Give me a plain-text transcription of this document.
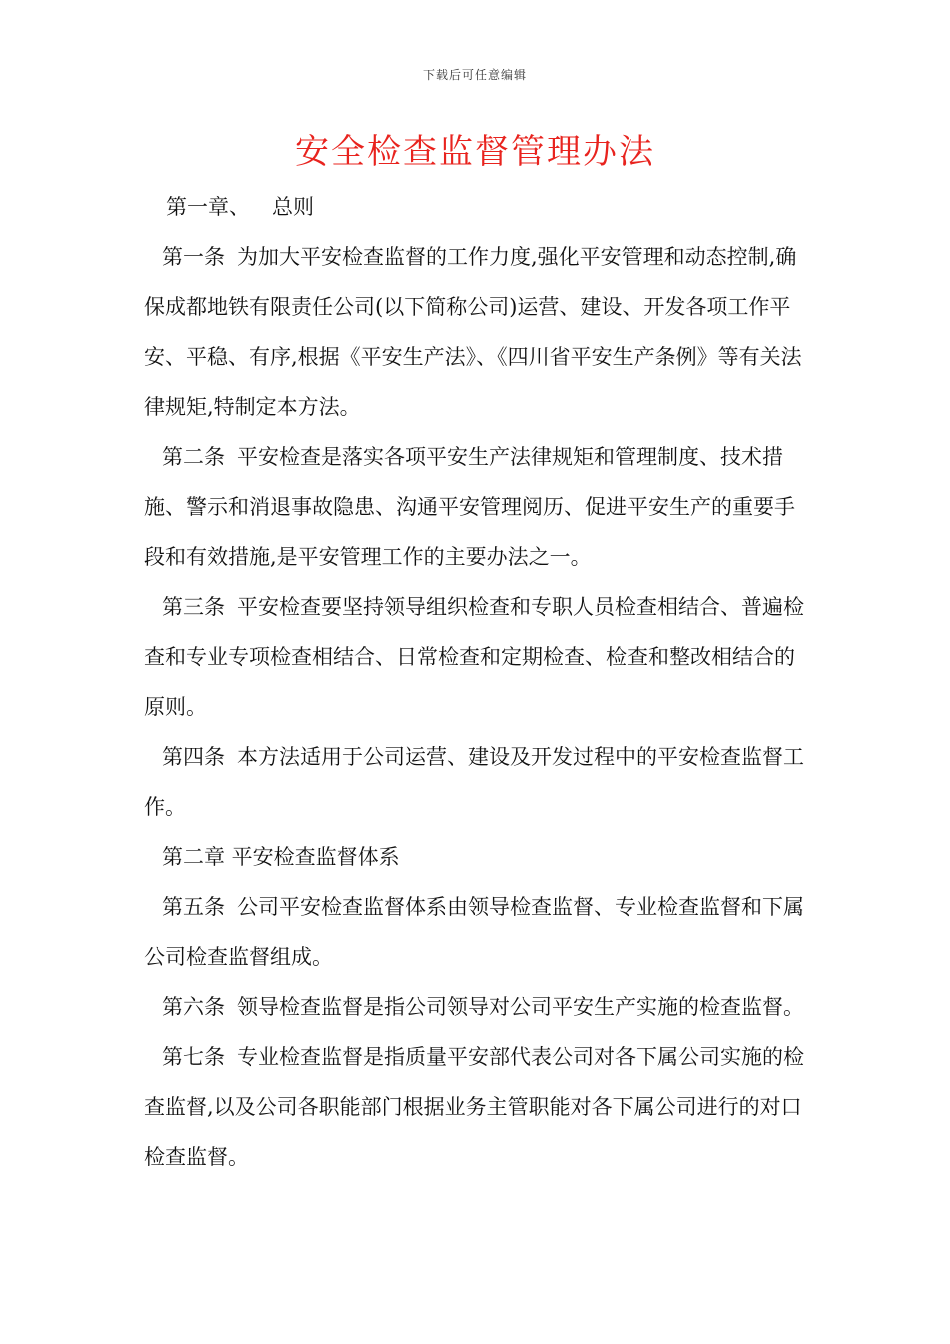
下载后可任意编辑
安全检查监督管理办法

第一章、 总则

第一条 为加大平安检查监督的工作力度,强化平安管理和动态控制,确保成都地铁有限责任公司(以下简称公司)运营、建设、开发各项工作平安、平稳、有序,根据《平安生产法》、《四川省平安生产条例》等有关法律规矩,特制定本方法。

第二条 平安检查是落实各项平安生产法律规矩和管理制度、技术措施、警示和消退事故隐患、沟通平安管理阅历、促进平安生产的重要手段和有效措施,是平安管理工作的主要办法之一。

第三条 平安检查要坚持领导组织检查和专职人员检查相结合、普遍检查和专业专项检查相结合、日常检查和定期检查、检查和整改相结合的原则。

第四条 本方法适用于公司运营、建设及开发过程中的平安检查监督工作。

第二章 平安检查监督体系

第五条 公司平安检查监督体系由领导检查监督、专业检查监督和下属公司检查监督组成。

第六条 领导检查监督是指公司领导对公司平安生产实施的检查监督。

第七条 专业检查监督是指质量平安部代表公司对各下属公司实施的检查监督,以及公司各职能部门根据业务主管职能对各下属公司进行的对口检查监督。
